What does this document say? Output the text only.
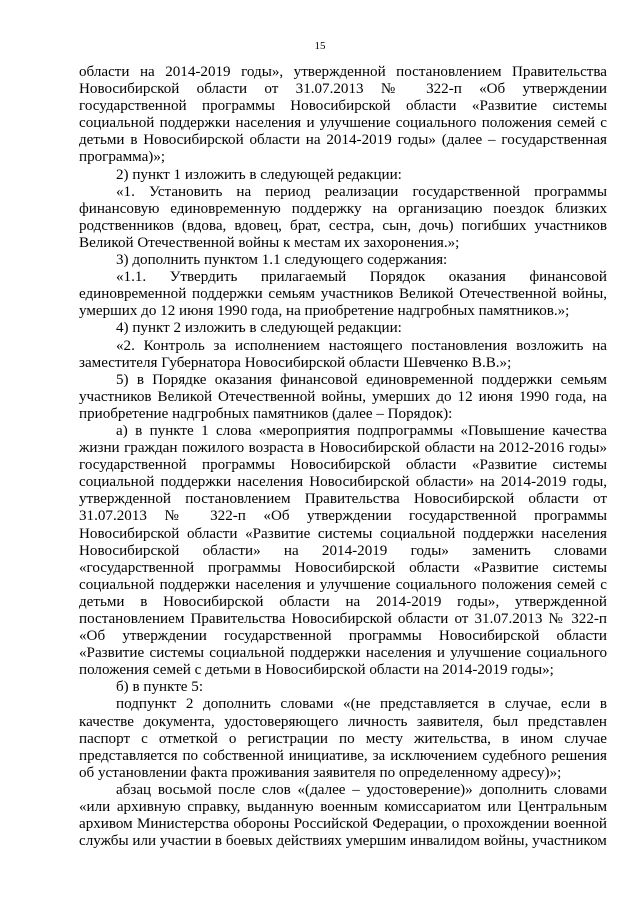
15

области на 2014-2019 годы», утвержденной постановлением Правительства Новосибирской области от 31.07.2013 № 322-п «Об утверждении государственной программы Новосибирской области «Развитие системы социальной поддержки населения и улучшение социального положения семей с детьми в Новосибирской области на 2014-2019 годы» (далее – государственная программа)»;

2) пункт 1 изложить в следующей редакции:

«1. Установить на период реализации государственной программы финансовую единовременную поддержку на организацию поездок близких родственников (вдова, вдовец, брат, сестра, сын, дочь) погибших участников Великой Отечественной войны к местам их захоронения.»;

3) дополнить пунктом 1.1 следующего содержания:

«1.1. Утвердить прилагаемый Порядок оказания финансовой единовременной поддержки семьям участников Великой Отечественной войны, умерших до 12 июня 1990 года, на приобретение надгробных памятников.»;

4) пункт 2 изложить в следующей редакции:

«2. Контроль за исполнением настоящего постановления возложить на заместителя Губернатора Новосибирской области Шевченко В.В.»;

5) в Порядке оказания финансовой единовременной поддержки семьям участников Великой Отечественной войны, умерших до 12 июня 1990 года, на приобретение надгробных памятников (далее – Порядок):

а) в пункте 1 слова «мероприятия подпрограммы «Повышение качества жизни граждан пожилого возраста в Новосибирской области на 2012-2016 годы» государственной программы Новосибирской области «Развитие системы социальной поддержки населения Новосибирской области» на 2014-2019 годы, утвержденной постановлением Правительства Новосибирской области от 31.07.2013 № 322-п «Об утверждении государственной программы Новосибирской области «Развитие системы социальной поддержки населения Новосибирской области» на 2014-2019 годы» заменить словами «государственной программы Новосибирской области «Развитие системы социальной поддержки населения и улучшение социального положения семей с детьми в Новосибирской области на 2014-2019 годы», утвержденной постановлением Правительства Новосибирской области от 31.07.2013 № 322-п «Об утверждении государственной программы Новосибирской области «Развитие системы социальной поддержки населения и улучшение социального положения семей с детьми в Новосибирской области на 2014-2019 годы»;

б) в пункте 5:

подпункт 2 дополнить словами «(не представляется в случае, если в качестве документа, удостоверяющего личность заявителя, был представлен паспорт с отметкой о регистрации по месту жительства, в ином случае представляется по собственной инициативе, за исключением судебного решения об установлении факта проживания заявителя по определенному адресу)»;

абзац восьмой после слов «(далее – удостоверение)» дополнить словами «или архивную справку, выданную военным комиссариатом или Центральным архивом Министерства обороны Российской Федерации, о прохождении военной службы или участии в боевых действиях умершим инвалидом войны, участником
